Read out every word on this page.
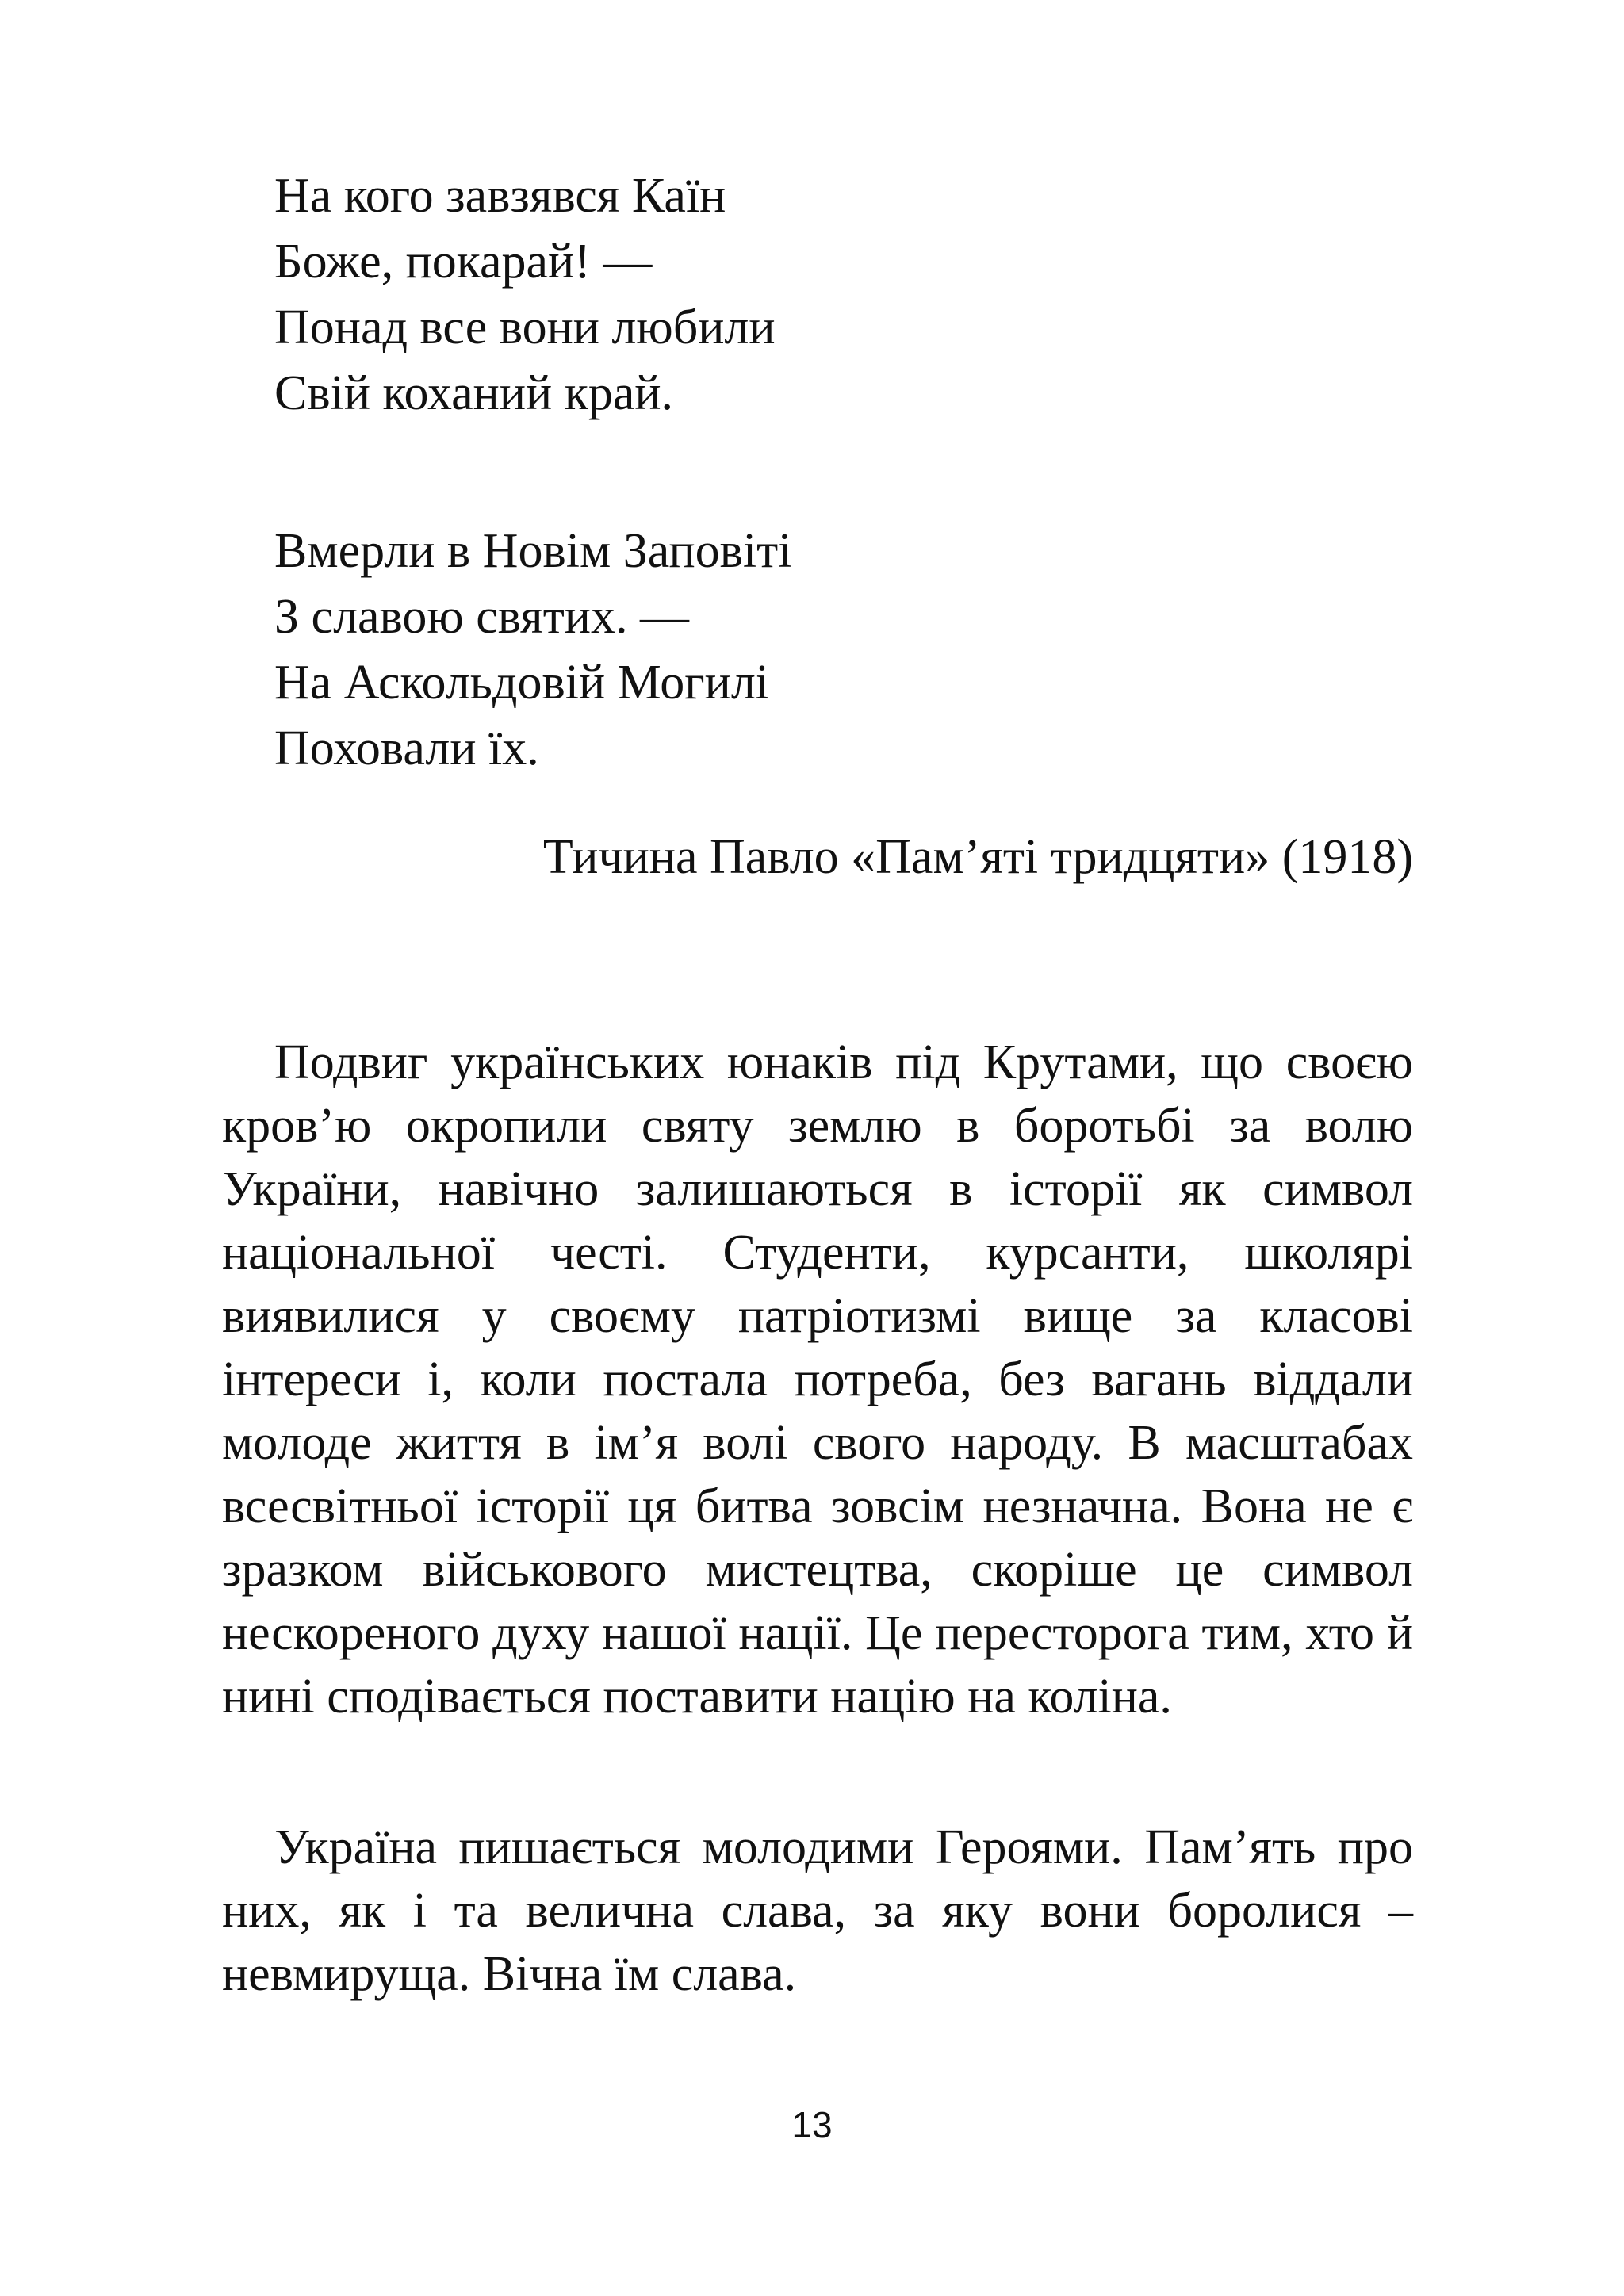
На кого завзявся Каїн
Боже, покарай! —
Понад все вони любили
Свій коханий край.
Вмерли в Новім Заповіті
З славою святих. —
На Аскольдовій Могилі
Поховали їх.
Тичина Павло «Пам’яті тридцяти» (1918)

Подвиг українських юнаків під Крутами, що своєю кров’ю окропили святу землю в боротьбі за волю України, навічно залишаються в історії як символ національної честі. Студенти, курсанти, школярі виявилися у своєму патріотизмі вище за класові інтереси і, коли постала потреба, без вагань віддали молоде життя в ім’я волі свого народу. В масштабах всесвітньої історії ця битва зовсім незначна. Вона не є зразком військового мистецтва, скоріше це символ нескореного духу нашої нації. Це пересторога тим, хто й нині сподівається поставити націю на коліна.

Україна пишається молодими Героями. Пам’ять про них, як і та велична слава, за яку вони боролися – невмируща. Вічна їм слава.

13
